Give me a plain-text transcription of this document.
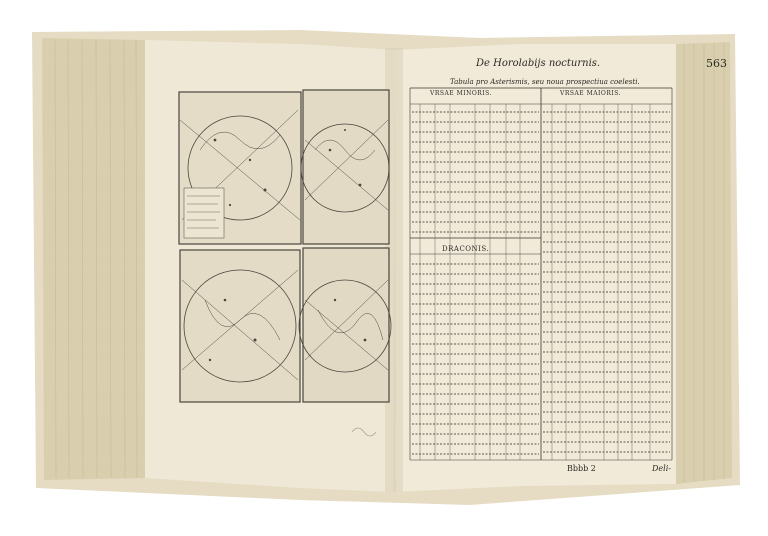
De Horolabijs nocturnis.	563
Tabula pro Asterismis, seu noua prospectiua coelesti.
VRSAE MINORIS.	VRSAE MAIORIS.
DRACONIS.
Bbbb 2	Deli-
